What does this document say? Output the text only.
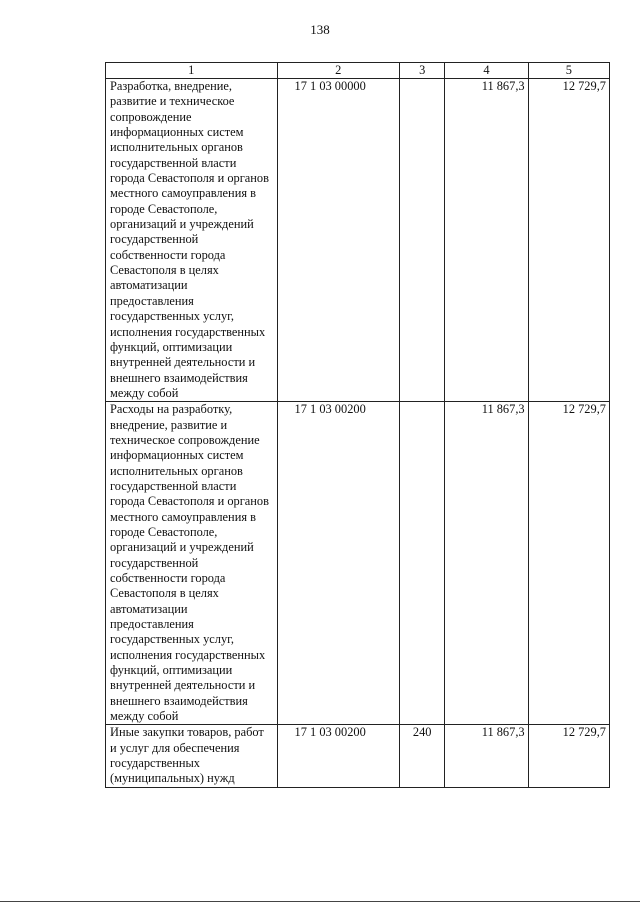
138
1	2	3	4	5
Разработка, внедрение, развитие и техническое сопровождение информационных систем исполнительных органов государственной власти города Севастополя и органов местного самоуправления в городе Севастополе, организаций и учреждений государственной собственности города Севастополя в целях автоматизации предоставления государственных услуг, исполнения государственных функций, оптимизации внутренней деятельности и внешнего взаимодействия между собой	17 1 03 00000		11 867,3	12 729,7
Расходы на разработку, внедрение, развитие и техническое сопровождение информационных систем исполнительных органов государственной власти города Севастополя и органов местного самоуправления в городе Севастополе, организаций и учреждений государственной собственности города Севастополя в целях автоматизации предоставления государственных услуг, исполнения государственных функций, оптимизации внутренней деятельности и внешнего взаимодействия между собой	17 1 03 00200		11 867,3	12 729,7
Иные закупки товаров, работ и услуг для обеспечения государственных (муниципальных) нужд	17 1 03 00200	240	11 867,3	12 729,7
